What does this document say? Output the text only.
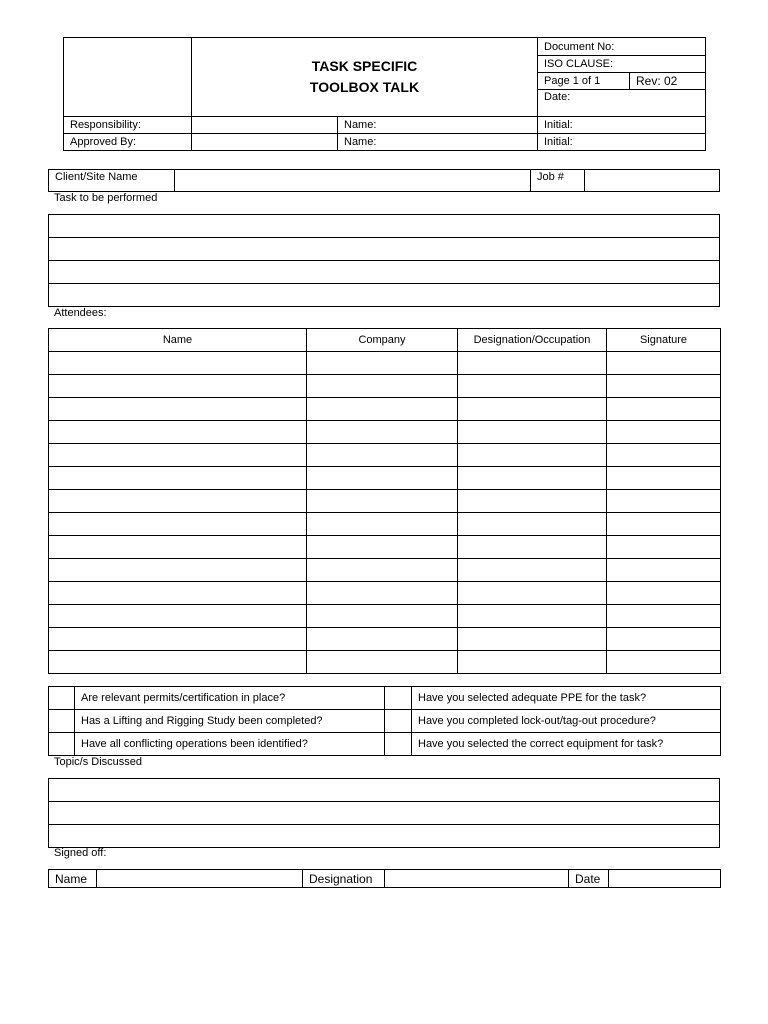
	TASK SPECIFIC
TOOLBOX TALK		Document No:	
			ISO CLAUSE:	
			Page 1 of 1	Rev: 02
			Date:	
Responsibility:		Name:	Initial:	
Approved By:		Name:	Initial:	
Client/Site Name		Job #	
Task to be performed

Attendees:
Name	Company	Designation/Occupation	Signature

	Are relevant permits/certification in place?		Have you selected adequate PPE for the task?
	Has a Lifting and Rigging Study been completed?		Have you completed lock-out/tag-out procedure?
	Have all conflicting operations been identified?		Have you selected the correct equipment for task?
Topic/s Discussed

Signed off:
Name		Designation		Date	
